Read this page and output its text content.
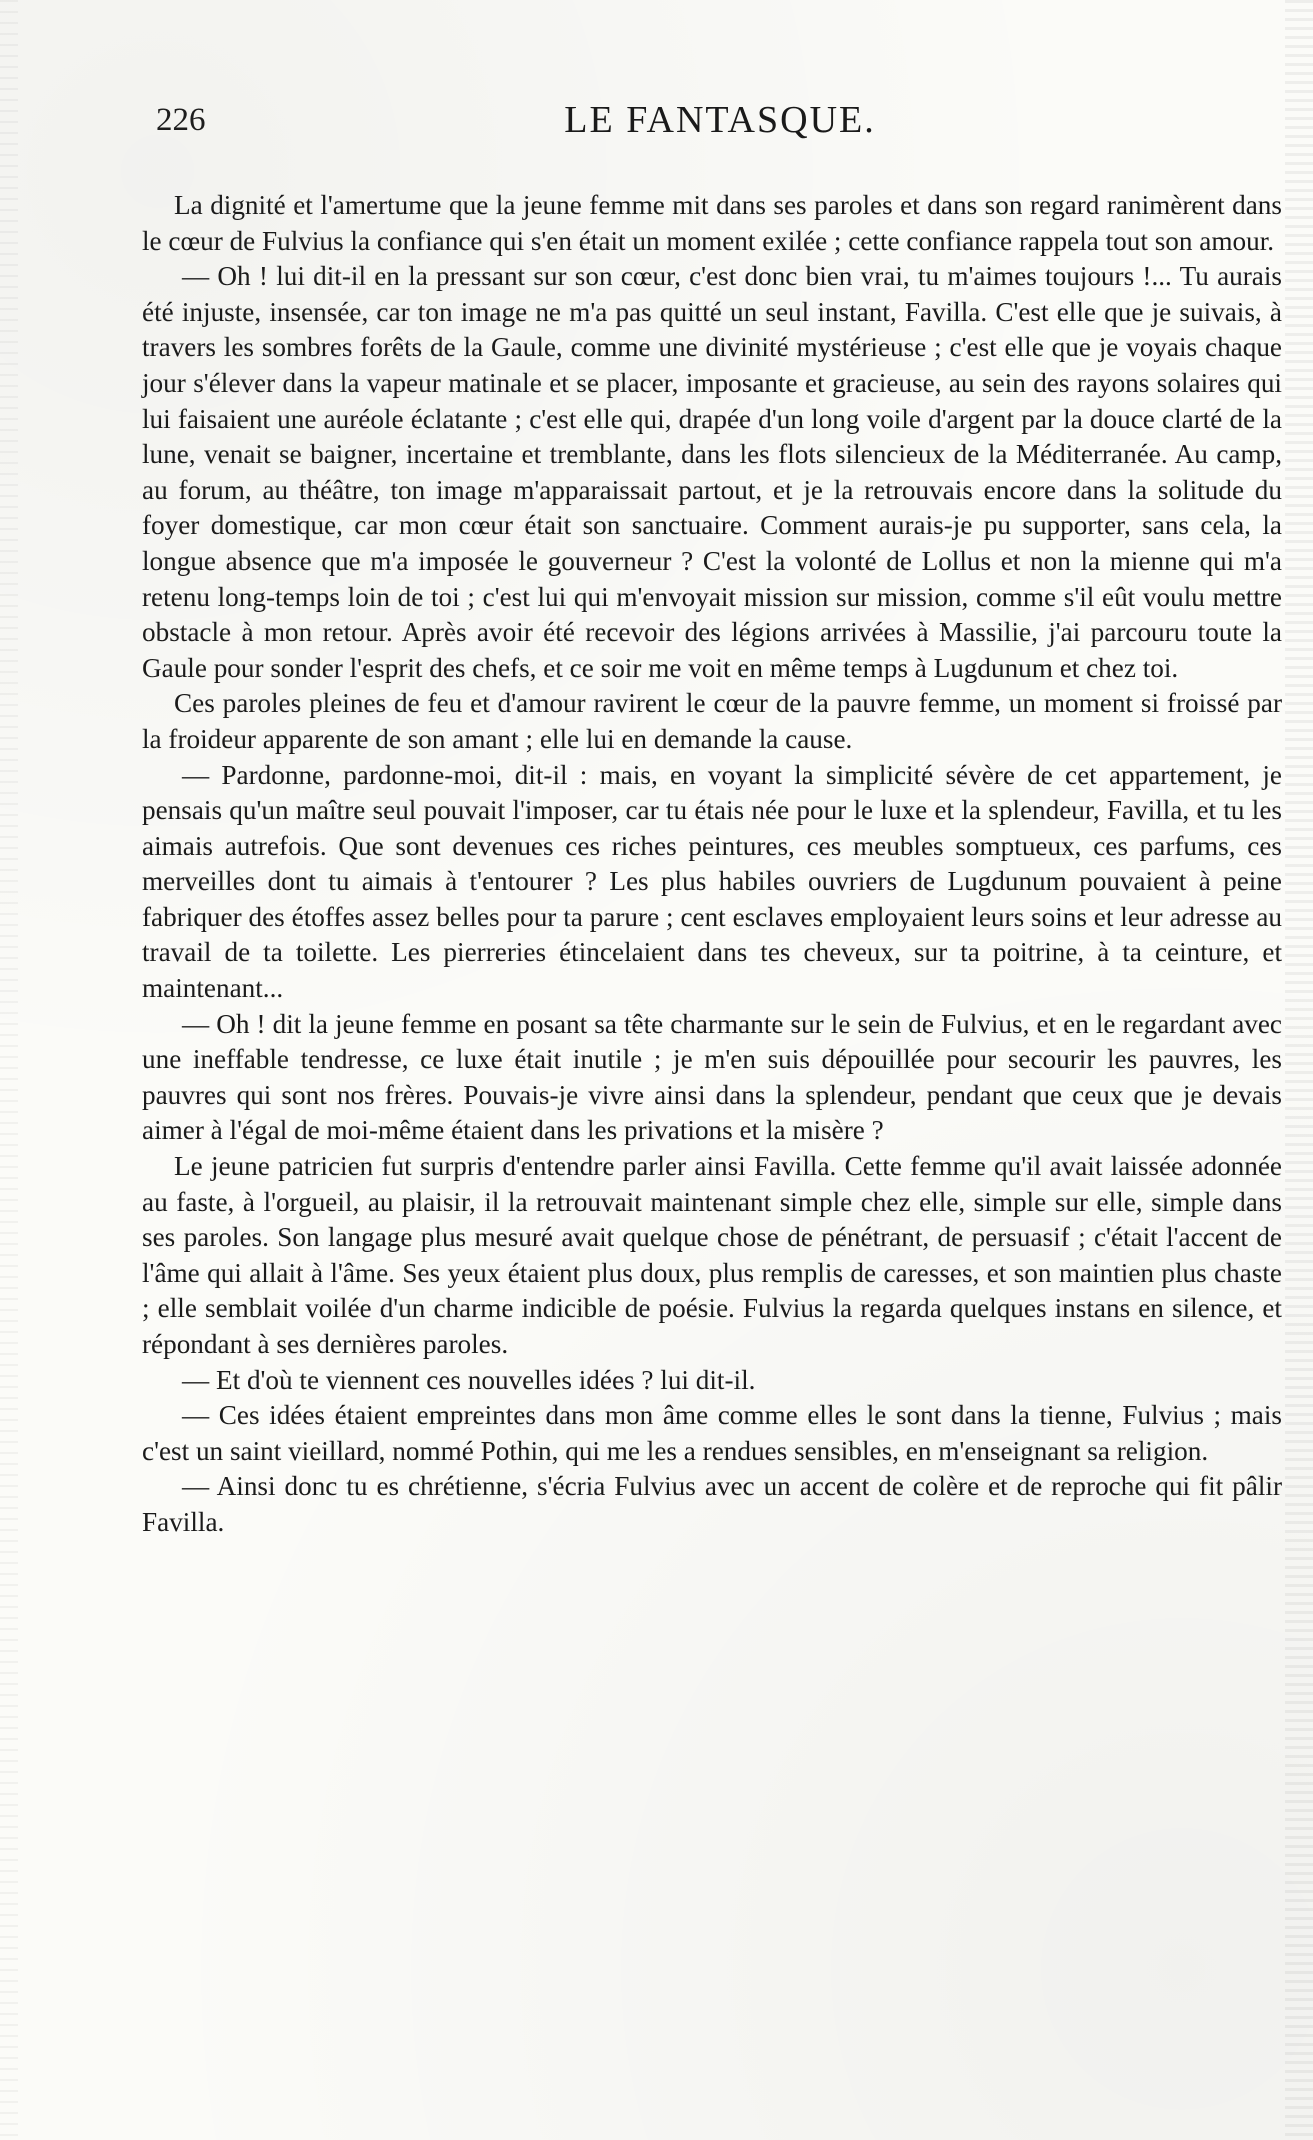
226	LE FANTASQUE.

La dignité et l'amertume que la jeune femme mit dans ses paroles et dans son regard ranimèrent dans le cœur de Fulvius la confiance qui s'en était un moment exilée ; cette confiance rappela tout son amour.

— Oh ! lui dit-il en la pressant sur son cœur, c'est donc bien vrai, tu m'aimes toujours !... Tu aurais été injuste, insensée, car ton image ne m'a pas quitté un seul instant, Favilla. C'est elle que je suivais, à travers les sombres forêts de la Gaule, comme une divinité mystérieuse ; c'est elle que je voyais chaque jour s'élever dans la vapeur matinale et se placer, imposante et gracieuse, au sein des rayons solaires qui lui faisaient une auréole éclatante ; c'est elle qui, drapée d'un long voile d'argent par la douce clarté de la lune, venait se baigner, incertaine et tremblante, dans les flots silencieux de la Méditerranée. Au camp, au forum, au théâtre, ton image m'apparaissait partout, et je la retrouvais encore dans la solitude du foyer domestique, car mon cœur était son sanctuaire. Comment aurais-je pu supporter, sans cela, la longue absence que m'a imposée le gouverneur ? C'est la volonté de Lollus et non la mienne qui m'a retenu long-temps loin de toi ; c'est lui qui m'envoyait mission sur mission, comme s'il eût voulu mettre obstacle à mon retour. Après avoir été recevoir des légions arrivées à Massilie, j'ai parcouru toute la Gaule pour sonder l'esprit des chefs, et ce soir me voit en même temps à Lugdunum et chez toi.

Ces paroles pleines de feu et d'amour ravirent le cœur de la pauvre femme, un moment si froissé par la froideur apparente de son amant ; elle lui en demande la cause.

— Pardonne, pardonne-moi, dit-il : mais, en voyant la simplicité sévère de cet appartement, je pensais qu'un maître seul pouvait l'imposer, car tu étais née pour le luxe et la splendeur, Favilla, et tu les aimais autrefois. Que sont devenues ces riches peintures, ces meubles somptueux, ces parfums, ces merveilles dont tu aimais à t'entourer ? Les plus habiles ouvriers de Lugdunum pouvaient à peine fabriquer des étoffes assez belles pour ta parure ; cent esclaves employaient leurs soins et leur adresse au travail de ta toilette. Les pierreries étincelaient dans tes cheveux, sur ta poitrine, à ta ceinture, et maintenant...

— Oh ! dit la jeune femme en posant sa tête charmante sur le sein de Fulvius, et en le regardant avec une ineffable tendresse, ce luxe était inutile ; je m'en suis dépouillée pour secourir les pauvres, les pauvres qui sont nos frères. Pouvais-je vivre ainsi dans la splendeur, pendant que ceux que je devais aimer à l'égal de moi-même étaient dans les privations et la misère ?

Le jeune patricien fut surpris d'entendre parler ainsi Favilla. Cette femme qu'il avait laissée adonnée au faste, à l'orgueil, au plaisir, il la retrouvait maintenant simple chez elle, simple sur elle, simple dans ses paroles. Son langage plus mesuré avait quelque chose de pénétrant, de persuasif ; c'était l'accent de l'âme qui allait à l'âme. Ses yeux étaient plus doux, plus remplis de caresses, et son maintien plus chaste ; elle semblait voilée d'un charme indicible de poésie. Fulvius la regarda quelques instans en silence, et répondant à ses dernières paroles.

— Et d'où te viennent ces nouvelles idées ? lui dit-il.

— Ces idées étaient empreintes dans mon âme comme elles le sont dans la tienne, Fulvius ; mais c'est un saint vieillard, nommé Pothin, qui me les a rendues sensibles, en m'enseignant sa religion.

— Ainsi donc tu es chrétienne, s'écria Fulvius avec un accent de colère et de reproche qui fit pâlir Favilla.
